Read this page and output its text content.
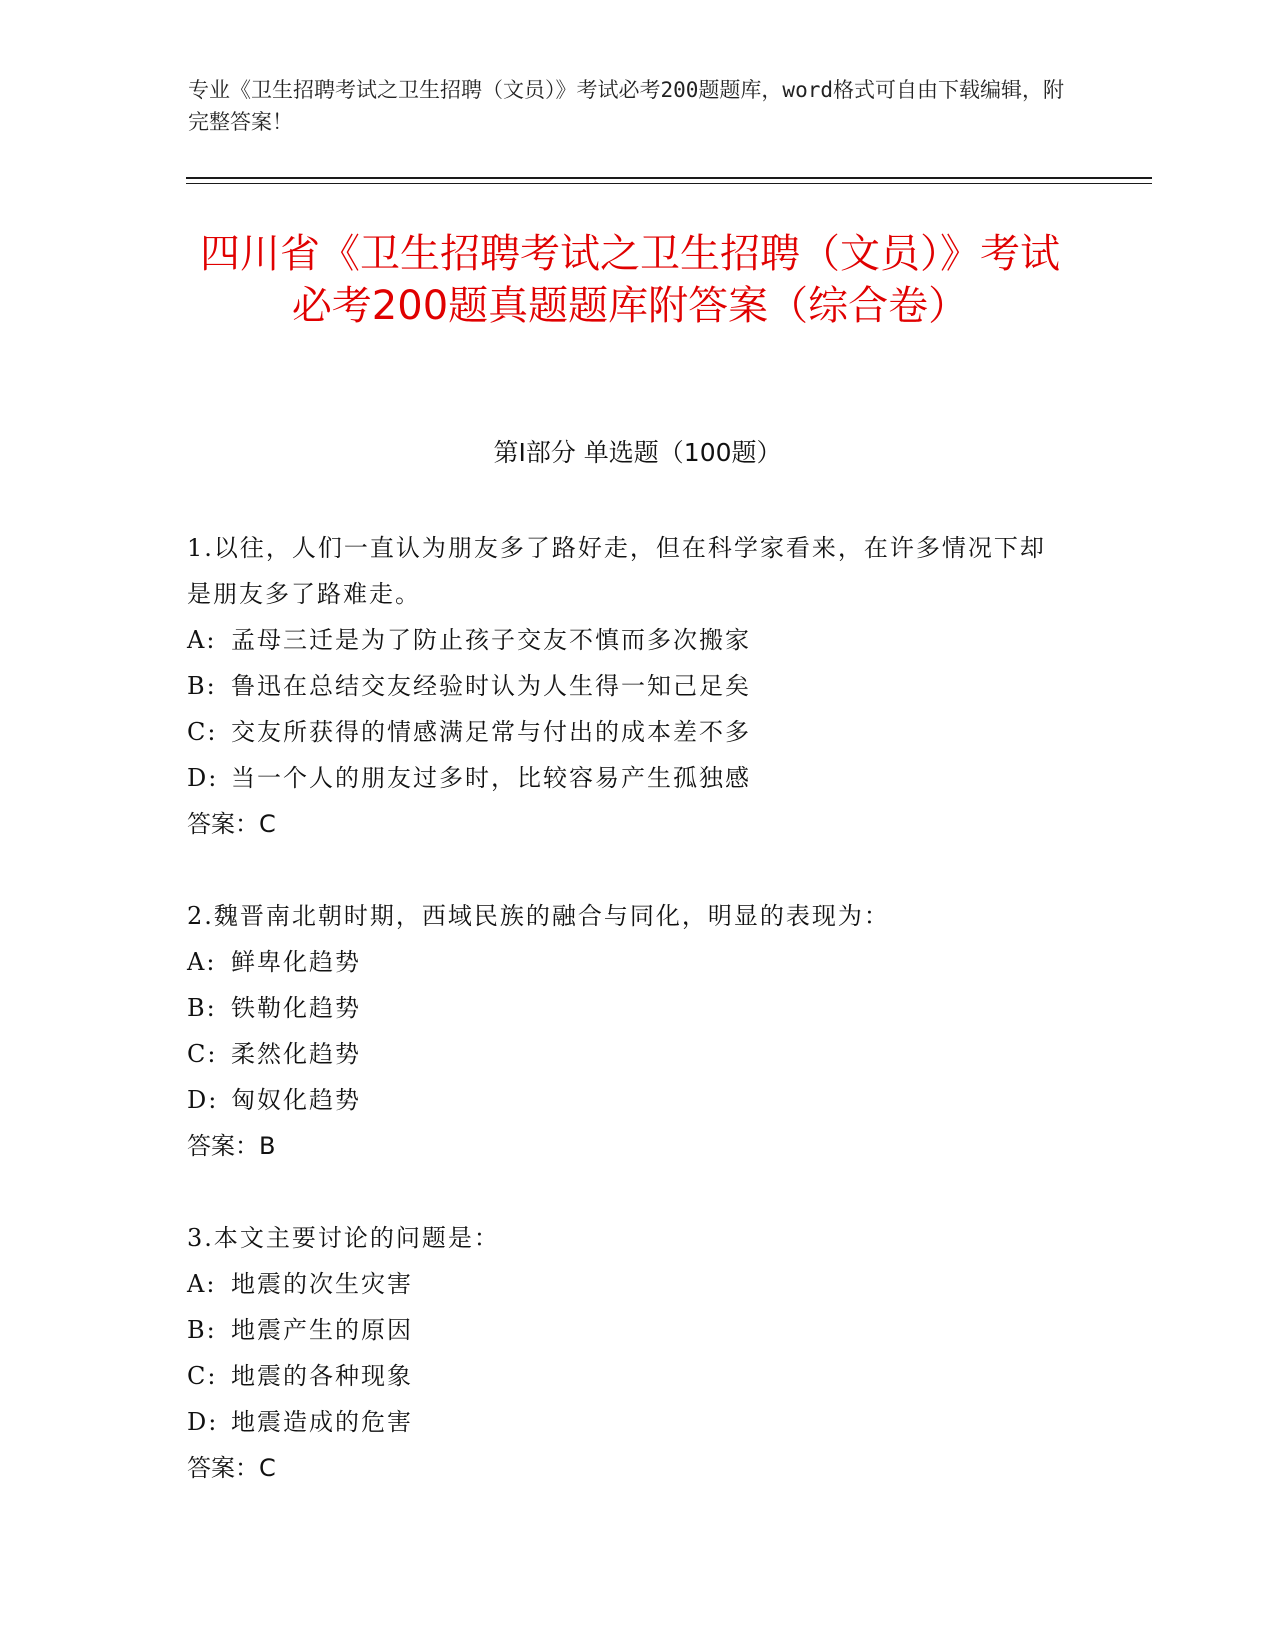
专业《卫生招聘考试之卫生招聘（文员）》考试必考200题题库，word格式可自由下载编辑，附完整答案！
四川省《卫生招聘考试之卫生招聘（文员）》考试必考200题真题题库附答案（综合卷）
第Ⅰ部分 单选题（100题）
1.以往，人们一直认为朋友多了路好走，但在科学家看来，在许多情况下却是朋友多了路难走。
A: 孟母三迁是为了防止孩子交友不慎而多次搬家
B: 鲁迅在总结交友经验时认为人生得一知己足矣
C: 交友所获得的情感满足常与付出的成本差不多
D: 当一个人的朋友过多时，比较容易产生孤独感
答案：C
2.魏晋南北朝时期，西域民族的融合与同化，明显的表现为：
A: 鲜卑化趋势
B: 铁勒化趋势
C: 柔然化趋势
D: 匈奴化趋势
答案：B
3.本文主要讨论的问题是：
A: 地震的次生灾害
B: 地震产生的原因
C: 地震的各种现象
D: 地震造成的危害
答案：C
